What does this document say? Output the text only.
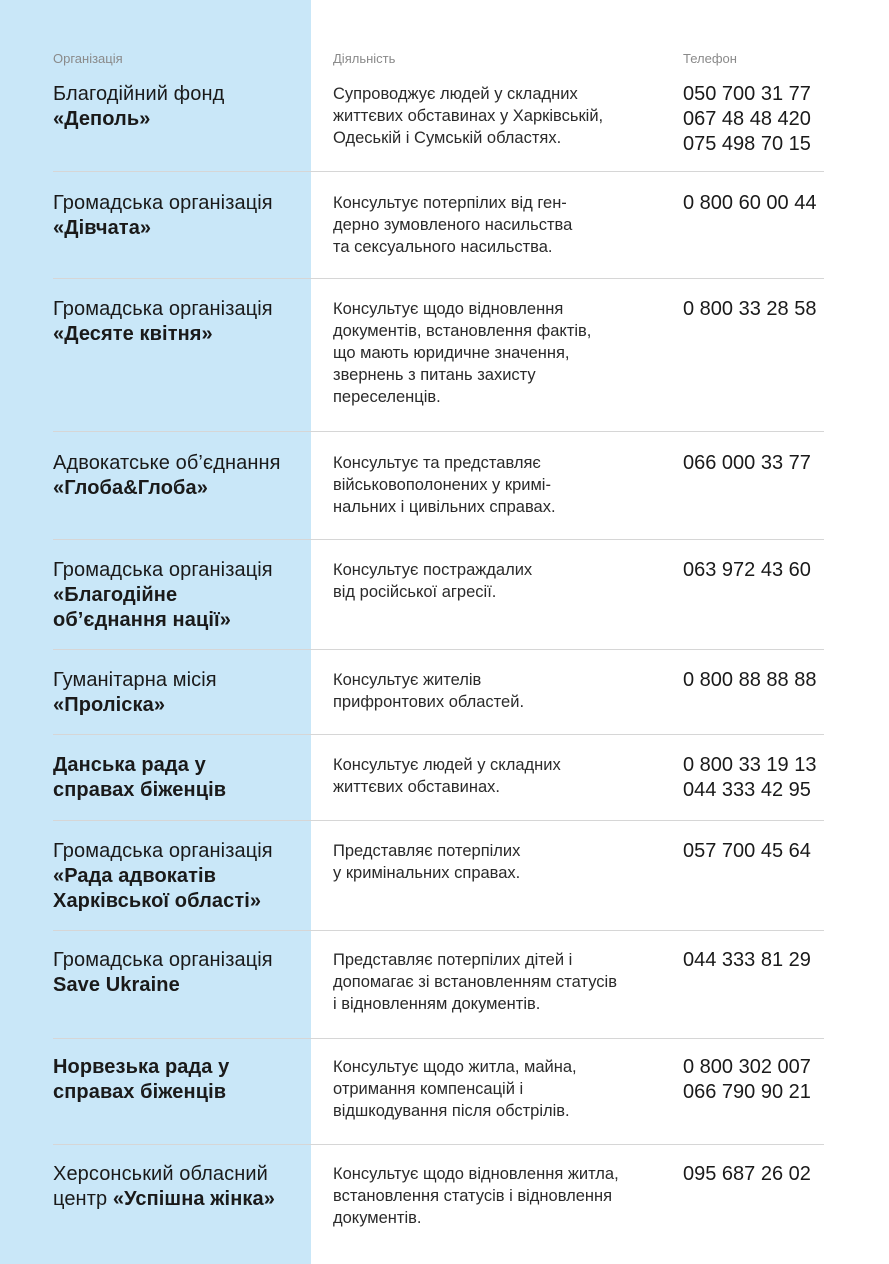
Організація	Діяльність	Телефон
Благодійний фонд
«Деполь»
Супроводжує людей у складних
життєвих обставинах у Харківській,
Одеській і Сумській областях.
050 700 31 77
067 48 48 420
075 498 70 15
Громадська організація
«Дівчата»
Консультує потерпілих від ген-
дерно зумовленого насильства
та сексуального насильства.
0 800 60 00 44
Громадська організація
«Десяте квітня»
Консультує щодо відновлення
документів, встановлення фактів,
що мають юридичне значення,
звернень з питань захисту
переселенців.
0 800 33 28 58
Адвокатське об’єднання
«Глоба&Глоба»
Консультує та представляє
військовополонених у кримі-
нальних і цивільних справах.
066 000 33 77
Громадська організація
«Благодійне
об’єднання нації»
Консультує постраждалих
від російської агресії.
063 972 43 60
Гуманітарна місія
«Проліска»
Консультує жителів
прифронтових областей.
0 800 88 88 88
Данська рада у
справах біженців
Консультує людей у складних
життєвих обставинах.
0 800 33 19 13
044 333 42 95
Громадська організація
«Рада адвокатів
Харківської області»
Представляє потерпілих
у кримінальних справах.
057 700 45 64
Громадська організація
Save Ukraine
Представляє потерпілих дітей і
допомагає зі встановленням статусів
і відновленням документів.
044 333 81 29
Норвезька рада у
справах біженців
Консультує щодо житла, майна,
отримання компенсацій і
відшкодування після обстрілів.
0 800 302 007
066 790 90 21
Херсонський обласний
центр «Успішна жінка»
Консультує щодо відновлення житла,
встановлення статусів і відновлення
документів.
095 687 26 02
